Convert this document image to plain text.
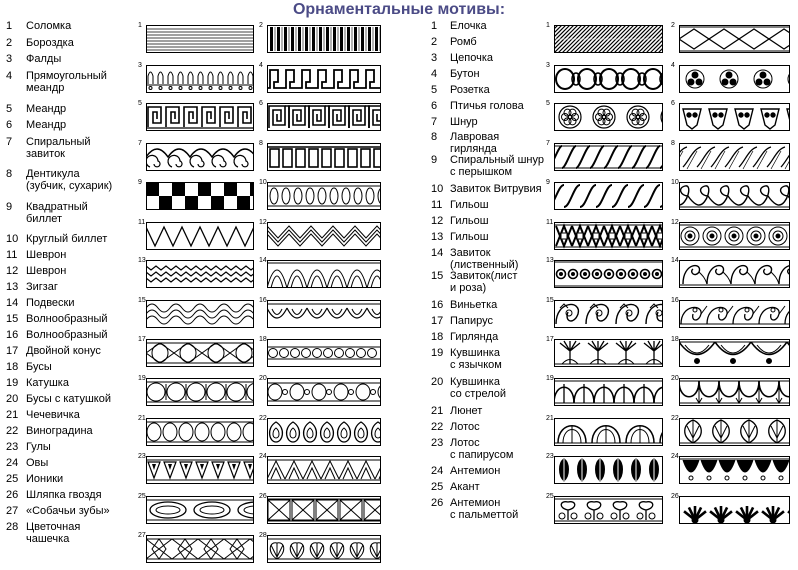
Орнаментальные мотивы:
1 Соломка
2 Бороздка
3 Фалды
4 Прямоугольный
меандр
5 Меандр
6 Меандр
7 Спиральный
завиток
8 Дентикула
(зубчик, сухарик)
9 Квадратный
биллет
10 Круглый биллет
11 Шеврон
12 Шеврон
13 Зигзаг
14 Подвески
15 Волнообразный
16 Волнообразный
17 Двойной конус
18 Бусы
19 Катушка
20 Бусы с катушкой
21 Чечевичка
22 Виноградина
23 Гулы
24 Овы
25 Ионики
26 Шляпка гвоздя
27 «Собачьи зубы»
28 Цветочная
чашечка
1 Елочка
2 Ромб
3 Цепочка
4 Бутон
5 Розетка
6 Птичья голова
7 Шнур
8 Лавровая
гирлянда
9 Спиральный шнур
с перышком
10 Завиток Витрувия
11 Гильош
12 Гильош
13 Гильош
14 Завиток
(лиственный)
15 Завиток(лист
и роза)
16 Виньетка
17 Папирус
18 Гирлянда
19 Кувшинка
с язычком
20 Кувшинка
со стрелой
21 Люнет
22 Лотос
23 Лотос
с папирусом
24 Антемион
25 Акант
26 Антемион
с пальметтой
1	2
3	4
5	6
7	8
9	10
11	12
13	14
15	16
17	18
19	20
21	22
23	24
25	26
27	28
1	2
3	4
5	6
7	8
9	10
11	12
13	14
15	16
17	18
19	20
21	22
23	24
25	26
